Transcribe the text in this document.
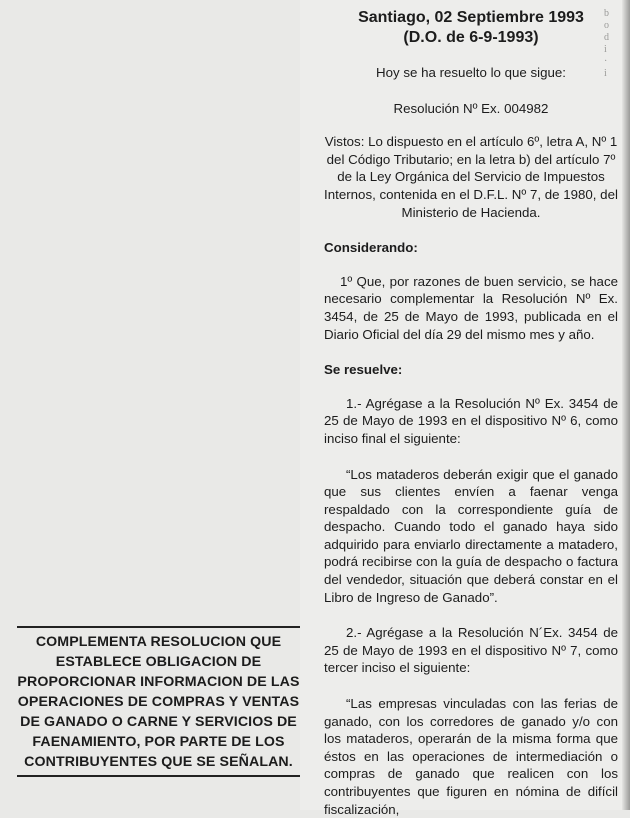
b
o
d
i
·
i
Santiago, 02 Septiembre 1993
(D.O. de 6-9-1993)

Hoy se ha resuelto lo que sigue:

Resolución Nº Ex. 004982

Vistos: Lo dispuesto en el artículo 6º, letra A, Nº 1 del Código Tributario; en la letra b) del artículo 7º de la Ley Orgánica del Servicio de Impuestos Internos, contenida en el D.F.L. Nº 7, de 1980, del Ministerio de Hacienda.

Considerando:

1º Que, por razones de buen servicio, se hace necesario complementar la Resolución Nº Ex. 3454, de 25 de Mayo de 1993, publicada en el Diario Oficial del día 29 del mismo mes y año.

Se resuelve:

1.- Agrégase a la Resolución Nº Ex. 3454 de 25 de Mayo de 1993 en el dispositivo Nº 6, como inciso final el siguiente:

“Los mataderos deberán exigir que el ganado que sus clientes envíen a faenar venga respaldado con la correspondiente guía de despacho. Cuando todo el ganado haya sido adquirido para enviarlo directamente a matadero, podrá recibirse con la guía de despacho o factura del vendedor, situación que deberá constar en el Libro de Ingreso de Ganado”.

2.- Agrégase a la Resolución N´Ex. 3454 de 25 de Mayo de 1993 en el dispositivo Nº 7, como tercer inciso el siguiente:

“Las empresas vinculadas con las ferias de ganado, con los corredores de ganado y/o con los mataderos, operarán de la misma forma que éstos en las operaciones de intermediación o compras de ganado que realicen con los contribuyentes que figuren en nómina de difícil fiscalización,

COMPLEMENTA RESOLUCION QUE
ESTABLECE OBLIGACION DE
PROPORCIONAR INFORMACION DE LAS
OPERACIONES DE COMPRAS Y VENTAS
DE GANADO O CARNE Y SERVICIOS DE
FAENAMIENTO, POR PARTE DE LOS
CONTRIBUYENTES QUE SE SEÑALAN.
